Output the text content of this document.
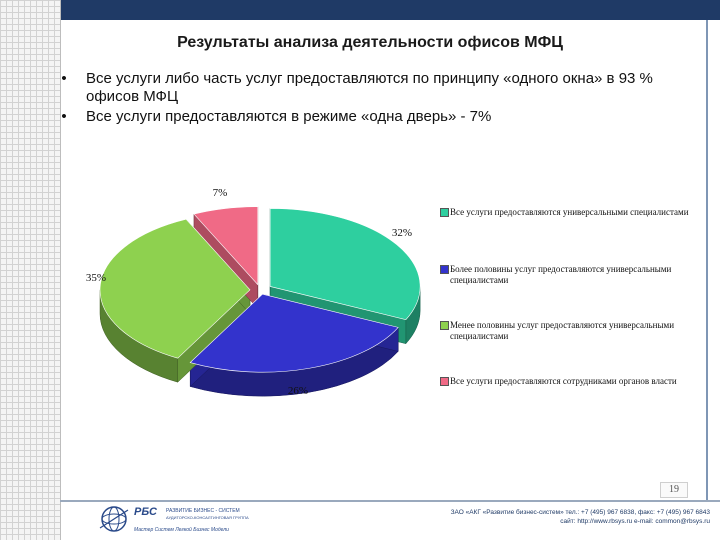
Результаты анализа деятельности офисов МФЦ
• Все услуги либо часть услуг предоставляются по принципу «одного окна» в 93 % офисов МФЦ
• Все услуги предоставляются в режиме «одна дверь» - 7%
32%
26%
35%
7%
Все услуги предоставляются универсальными специалистами
Более половины услуг предоставляются универсальными специалистами
Менее половины услуг предоставляются универсальными специалистами
Все услуги предоставляются сотрудниками органов власти
19
РБС РАЗВИТИЕ БИЗНЕС - СИСТЕМ
АУДИТОРСКО-КОНСАЛТИНГОВАЯ ГРУППА
Мастер Систем Легкой Бизнес Модели
ЗАО «АКГ «Развитие бизнес-систем» тел.: +7 (495) 967 6838, факс: +7 (495) 967 6843
сайт: http://www.rbsys.ru e-mail: common@rbsys.ru
